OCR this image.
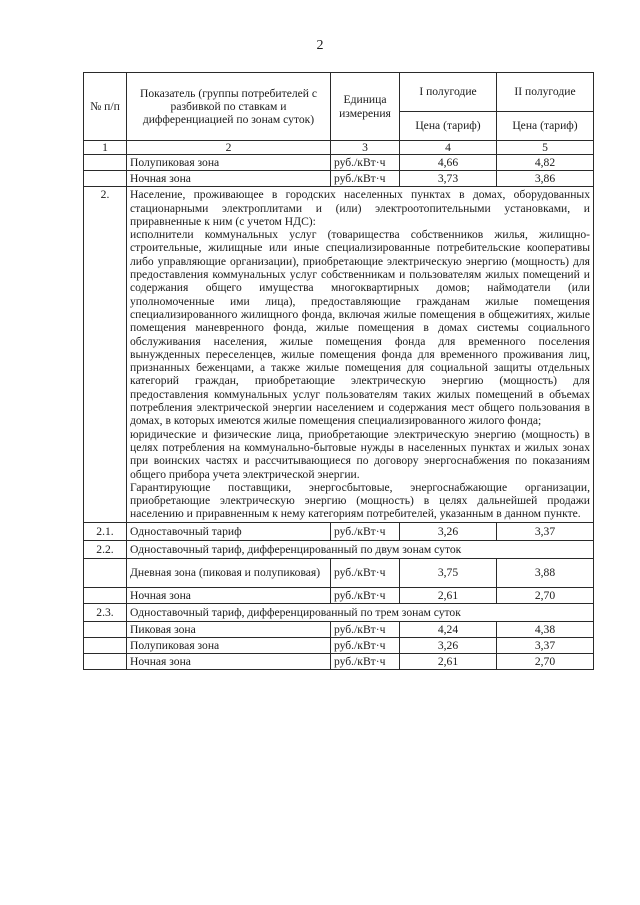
2
№ п/п	Показатель (группы потребителей с разбивкой по ставкам и дифференциацией по зонам суток)	Единица измерения	I полугодие	II полугодие
			Цена (тариф)	Цена (тариф)
1	2	3	4	5
	Полупиковая зона	руб./кВт·ч	4,66	4,82
	Ночная зона	руб./кВт·ч	3,73	3,86
2.	Население, проживающее в городских населенных пунктах в домах, оборудованных стационарными электроплитами и (или) электроотопительными установками, и приравненные к ним (с учетом НДС):

исполнители коммунальных услуг (товарищества собственников жилья, жилищно-строительные, жилищные или иные специализированные потребительские кооперативы либо управляющие организации), приобретающие электрическую энергию (мощность) для предоставления коммунальных услуг собственникам и пользователям жилых помещений и содержания общего имущества многоквартирных домов; наймодатели (или уполномоченные ими лица), предоставляющие гражданам жилые помещения специализированного жилищного фонда, включая жилые помещения в общежитиях, жилые помещения маневренного фонда, жилые помещения в домах системы социального обслуживания населения, жилые помещения фонда для временного поселения вынужденных переселенцев, жилые помещения фонда для временного проживания лиц, признанных беженцами, а также жилые помещения для социальной защиты отдельных категорий граждан, приобретающие электрическую энергию (мощность) для предоставления коммунальных услуг пользователям таких жилых помещений в объемах потребления электрической энергии населением и содержания мест общего пользования в домах, в которых имеются жилые помещения специализированного жилого фонда;

юридические и физические лица, приобретающие электрическую энергию (мощность) в целях потребления на коммунально-бытовые нужды в населенных пунктах и жилых зонах при воинских частях и рассчитывающиеся по договору энергоснабжения по показаниям общего прибора учета электрической энергии.

Гарантирующие поставщики, энергосбытовые, энергоснабжающие организации, приобретающие электрическую энергию (мощность) в целях дальнейшей продажи населению и приравненным к нему категориям потребителей, указанным в данном пункте.			

2.1.	Одноставочный тариф	руб./кВт·ч	3,26	3,37
2.2.	Одноставочный тариф, дифференцированный по двум зонам суток			
	Дневная зона (пиковая и полупиковая)	руб./кВт·ч	3,75	3,88
	Ночная зона	руб./кВт·ч	2,61	2,70
2.3.	Одноставочный тариф, дифференцированный по трем зонам суток			
	Пиковая зона	руб./кВт·ч	4,24	4,38
	Полупиковая зона	руб./кВт·ч	3,26	3,37
	Ночная зона	руб./кВт·ч	2,61	2,70
